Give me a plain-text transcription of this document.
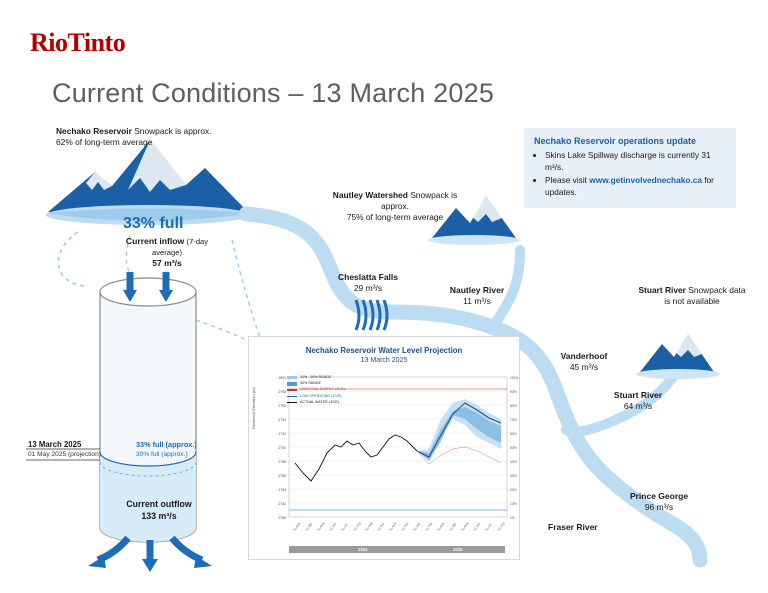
RioTinto
Current Conditions – 13 March 2025
Nechako Reservoir operations update
• Skins Lake Spillway discharge is currently 31 m³/s.
• Please visit www.getinvolvednechako.ca for updates.
Nechako Reservoir Snowpack is approx.
62% of long-term average
33% full
Current inflow (7-day average)
57 m³/s
Current outflow
133 m³/s
13 March 2025	33% full (approx.)
01 May 2025 (projection)	30% full (approx.)
Nautley Watershed Snowpack is approx.
75% of long-term average
Stuart River Snowpack data
is not available
Cheslatta Falls
29 m³/s	Nautley River
11 m³/s
Vanderhoof
45 m³/s
Stuart River
64 m³/s
Prince George
96 m³/s
Fraser River
Nechako Reservoir Water Level Projection
13 March 2025
Reservoir Elevation (m)
2800
2798
2796
2794
2792
2790
2788
2786
2784
2782
2780
100%
90%
80%
70%
60%
50%
40%
30%
20%
10%
0%
01-Mar 01-Apr 01-May 01-Jun 01-Jul 01-Aug 01-Sep 01-Oct 01-Nov 01-Dec 01-Jan 01-Feb 01-Mar 01-Apr 01-May 01-Jun 01-Jul 01-Aug
10% - 90% RANGE
30% RANGE
100% FULL SUPPLY LEVEL
LOW OPERATING LEVEL
ACTUAL WATER LEVEL
2024	2025
